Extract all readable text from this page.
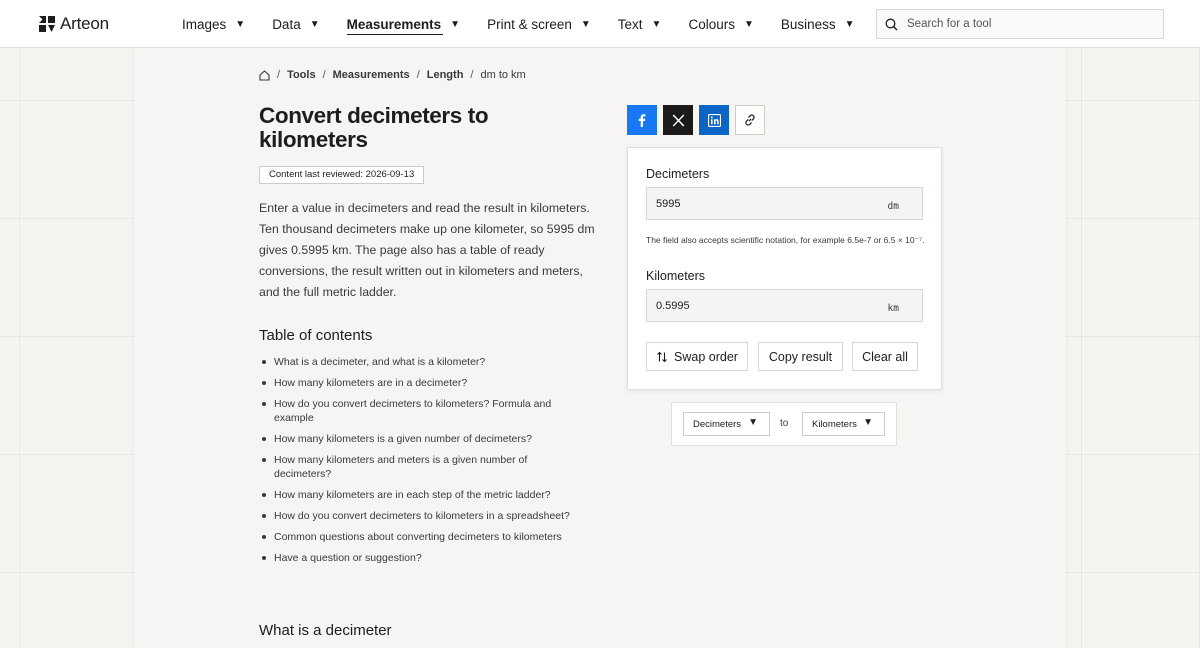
Arteon	Images ▼ Data ▼ Measurements ▼ Print & screen ▼ Text ▼ Colours ▼ Business ▼
Search for a tool
/ Tools / Measurements / Length / dm to km
Convert decimeters to kilometers
Content last reviewed: 2026-09-13

Enter a value in decimeters and read the result in kilometers. Ten thousand decimeters make up one kilometer, so 5995 dm gives 0.5995 km. The page also has a table of ready conversions, the result written out in kilometers and meters, and the full metric ladder.

Table of contents
What is a decimeter, and what is a kilometer?
How many kilometers are in a decimeter?
How do you convert decimeters to kilometers? Formula and example
How many kilometers is a given number of decimeters?
How many kilometers and meters is a given number of decimeters?
How many kilometers are in each step of the metric ladder?
How do you convert decimeters to kilometers in a spreadsheet?
Common questions about converting decimeters to kilometers
Have a question or suggestion?
What is a decimeter
Decimeters
5995
dm

The field also accepts scientific notation, for example 6.5e-7 or 6.5 × 10⁻⁷.

Kilometers
0.5995
km
Swap order Copy result Clear all
Decimeters ▼ to Kilometers ▼
